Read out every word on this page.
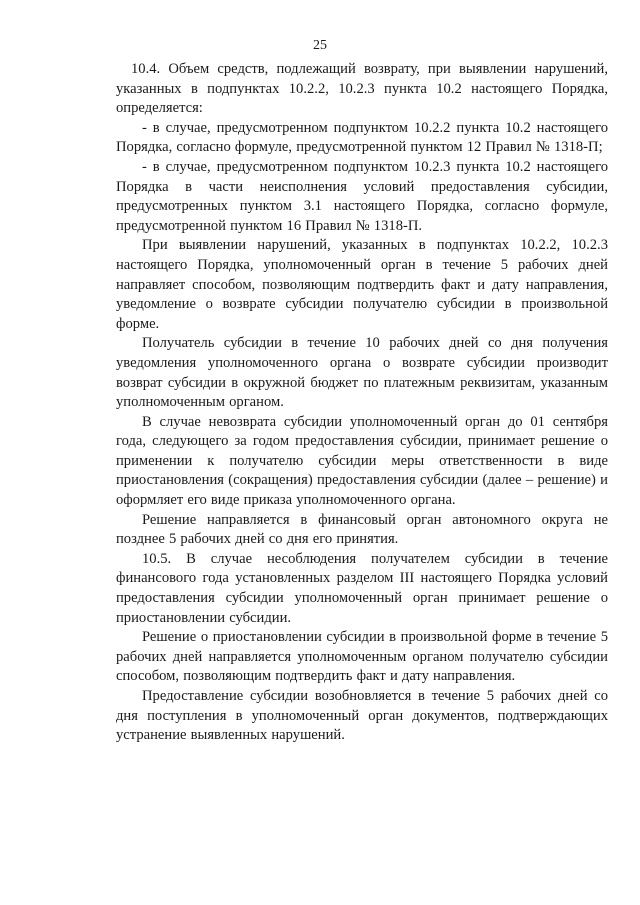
25

10.4. Объем средств, подлежащий возврату, при выявлении нарушений, указанных в подпунктах 10.2.2, 10.2.3 пункта 10.2 настоящего Порядка, определяется:

- в случае, предусмотренном подпунктом 10.2.2 пункта 10.2 настоящего Порядка, согласно формуле, предусмотренной пунктом 12 Правил № 1318-П;

- в случае, предусмотренном подпунктом 10.2.3 пункта 10.2 настоящего Порядка в части неисполнения условий предоставления субсидии, предусмотренных пунктом 3.1 настоящего Порядка, согласно формуле, предусмотренной пунктом 16 Правил № 1318-П.

При выявлении нарушений, указанных в подпунктах 10.2.2, 10.2.3 настоящего Порядка, уполномоченный орган в течение 5 рабочих дней направляет способом, позволяющим подтвердить факт и дату направления, уведомление о возврате субсидии получателю субсидии в произвольной форме.

Получатель субсидии в течение 10 рабочих дней со дня получения уведомления уполномоченного органа о возврате субсидии производит возврат субсидии в окружной бюджет по платежным реквизитам, указанным уполномоченным органом.

В случае невозврата субсидии уполномоченный орган до 01 сентября года, следующего за годом предоставления субсидии, принимает решение о применении к получателю субсидии меры ответственности в виде приостановления (сокращения) предоставления субсидии (далее – решение) и оформляет его виде приказа уполномоченного органа.

Решение направляется в финансовый орган автономного округа не позднее 5 рабочих дней со дня его принятия.

10.5. В случае несоблюдения получателем субсидии в течение финансового года установленных разделом III настоящего Порядка условий предоставления субсидии уполномоченный орган принимает решение о приостановлении субсидии.

Решение о приостановлении субсидии в произвольной форме в течение 5 рабочих дней направляется уполномоченным органом получателю субсидии способом, позволяющим подтвердить факт и дату направления.

Предоставление субсидии возобновляется в течение 5 рабочих дней со дня поступления в уполномоченный орган документов, подтверждающих устранение выявленных нарушений.
